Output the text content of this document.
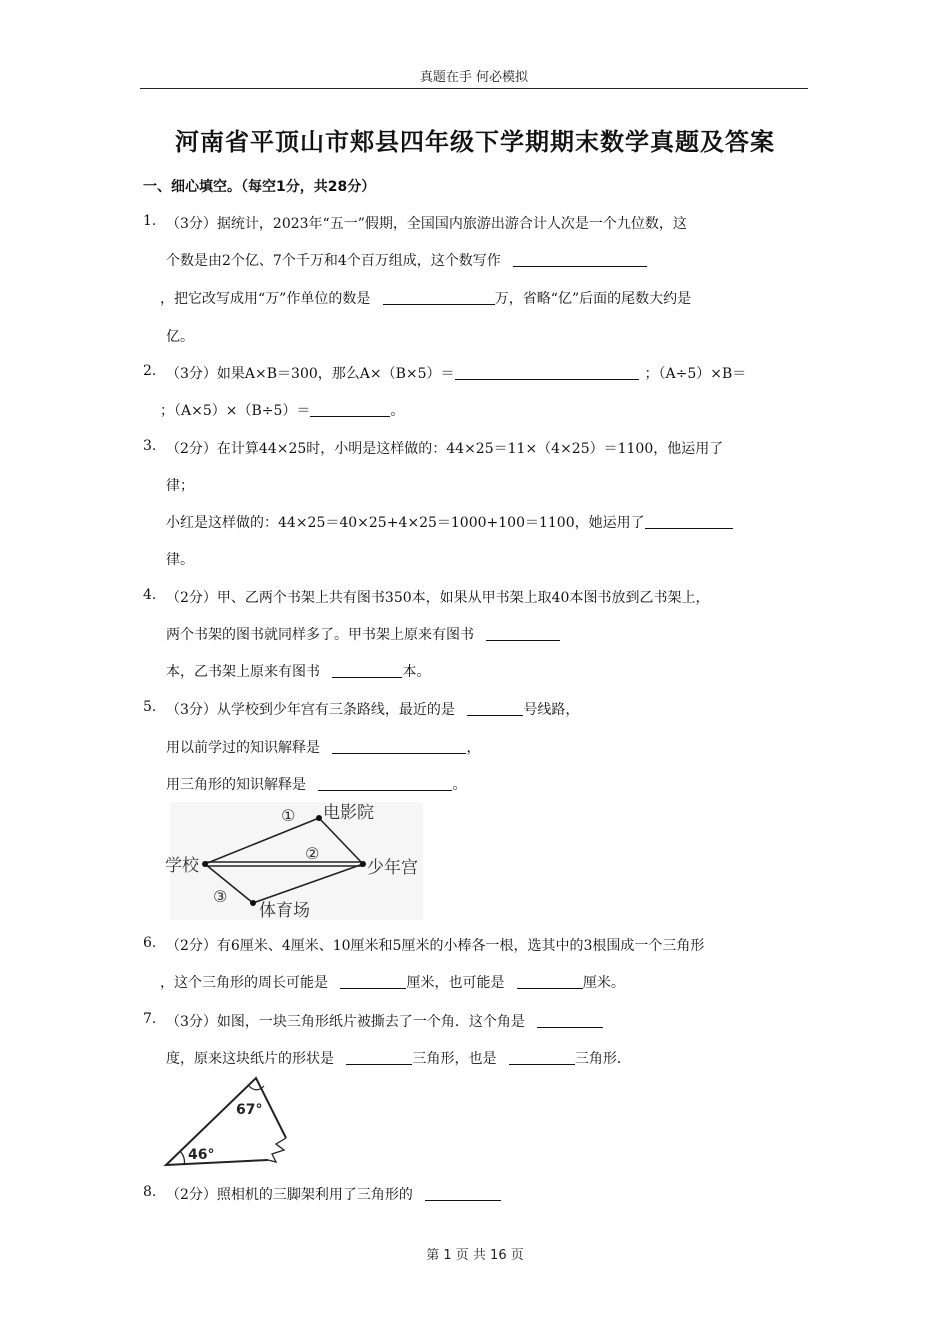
真题在手 何必模拟
河南省平顶山市郏县四年级下学期期末数学真题及答案
一、细心填空。（每空1分，共28分）
1. （3分）据统计，2023年“五一”假期，全国国内旅游出游合计人次是一个九位数，这
个数是由2个亿、7个千万和4个百万组成，这个数写作
，把它改写成用“万”作单位的数是	万，省略“亿”后面的尾数大约是
亿。
2. （3分）如果A×B＝300，那么A×（B×5）＝	；（A÷5）×B＝
；（A×5）×（B÷5）＝	。
3. （2分）在计算44×25时，小明是这样做的：44×25＝11×（4×25）＝1100，他运用了
律；
小红是这样做的：44×25＝40×25+4×25＝1000+100＝1100，她运用了
律。
4. （2分）甲、乙两个书架上共有图书350本，如果从甲书架上取40本图书放到乙书架上，
两个书架的图书就同样多了。甲书架上原来有图书
本，乙书架上原来有图书	本。
5. （3分）从学校到少年宫有三条路线，最近的是	号线路，
用以前学过的知识解释是	，
用三角形的知识解释是	。
学校
电影院
少年宫
体育场
①
②
③
6. （2分）有6厘米、4厘米、10厘米和5厘米的小棒各一根，选其中的3根围成一个三角形
，这个三角形的周长可能是	厘米，也可能是	厘米。
7. （3分）如图，一块三角形纸片被撕去了一个角．这个角是
度，原来这块纸片的形状是	三角形，也是	三角形．
67°
46°
8. （2分）照相机的三脚架利用了三角形的
第 1 页 共 16 页
